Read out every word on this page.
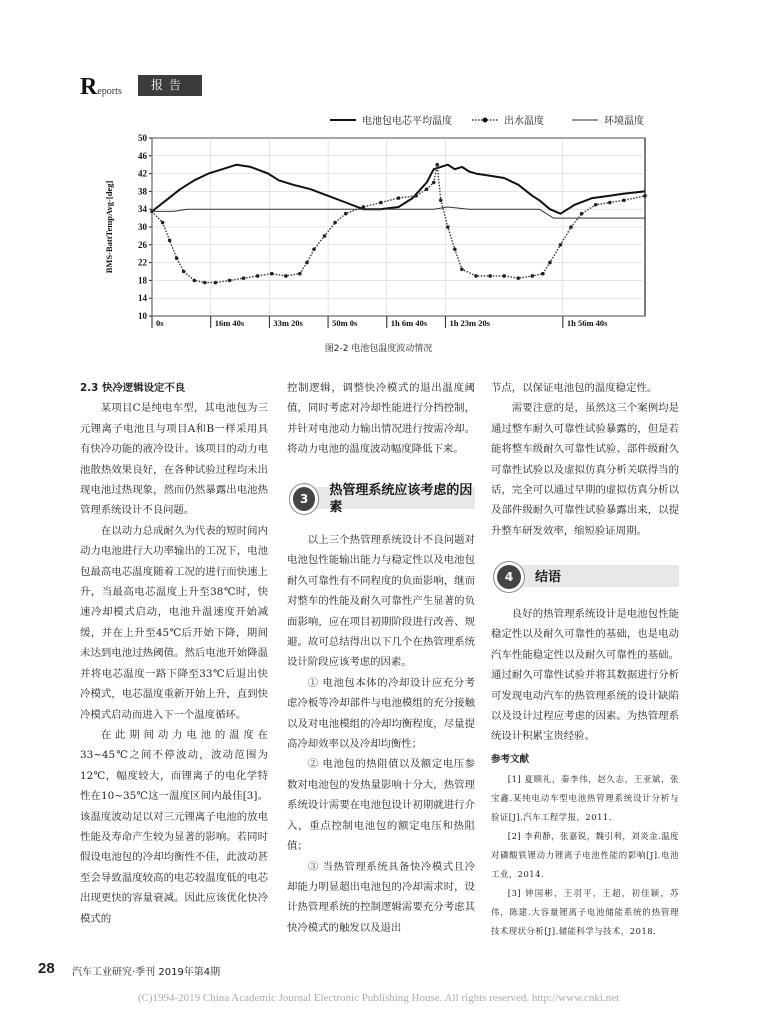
Reports	报告
10
14
18
22
26
30
34
38
42
46
50
0s	16m 40s	33m 20s	50m 0s	1h 6m 40s	1h 23m 20s	1h 56m 40s
BMS-BattTempAvg-[deg]
电池包电芯平均温度	出水温度	环境温度
图2-2 电池包温度波动情况
2.3 快冷逻辑设定不良

某项目C是纯电车型，其电池包为三元锂离子电池且与项目A和B一样采用具有快冷功能的液冷设计。该项目的动力电池散热效果良好，在各种试验过程均未出现电池过热现象，然而仍然暴露出电池热管理系统设计不良问题。

在以动力总成耐久为代表的短时间内动力电池进行大功率输出的工况下，电池包最高电芯温度随着工况的进行而快速上升，当最高电芯温度上升至38℃时，快速冷却模式启动，电池升温速度开始减缓，并在上升至45℃后开始下降，期间未达到电池过热阈值。然后电池开始降温并将电芯温度一路下降至33℃后退出快冷模式，电芯温度重新开始上升，直到快冷模式启动而进入下一个温度循环。

在此期间动力电池的温度在33~45℃之间不停波动，波动范围为12℃，幅度较大，而锂离子的电化学特性在10~35℃这一温度区间内最佳[3]。该温度波动足以对三元锂离子电池的放电性能及寿命产生较为显著的影响。若同时假设电池包的冷却均衡性不佳，此波动甚至会导致温度较高的电芯较温度低的电芯出现更快的容量衰减。因此应该优化快冷模式的

控制逻辑，调整快冷模式的退出温度阈值，同时考虑对冷却性能进行分挡控制，并针对电池动力输出情况进行按需冷却。将动力电池的温度波动幅度降低下来。

3
热管理系统应该考虑的因素

以上三个热管理系统设计不良问题对电池包性能输出能力与稳定性以及电池包耐久可靠性有不同程度的负面影响，继而对整车的性能及耐久可靠性产生显著的负面影响，应在项目初期阶段进行改善、规避。故可总结得出以下几个在热管理系统设计阶段应该考虑的因素。

① 电池包本体的冷却设计应充分考虑冷板等冷却部件与电池模组的充分接触以及对电池模组的冷却均衡程度，尽量提高冷却效率以及冷却均衡性；

② 电池包的热阻值以及额定电压参数对电池包的发热量影响十分大，热管理系统设计需要在电池包设计初期就进行介入，重点控制电池包的额定电压和热阻值；

③ 当热管理系统具备快冷模式且冷却能力明显超出电池包的冷却需求时，设计热管理系统的控制逻辑需要充分考虑其快冷模式的触发以及退出

节点，以保证电池包的温度稳定性。

需要注意的是，虽然这三个案例均是通过整车耐久可靠性试验暴露的，但是若能将整车级耐久可靠性试验、部件级耐久可靠性试验以及虚拟仿真分析关联得当的话，完全可以通过早期的虚拟仿真分析以及部件级耐久可靠性试验暴露出来，以提升整车研发效率，缩短验证周期。

4	结语

良好的热管理系统设计是电池包性能稳定性以及耐久可靠性的基础，也是电动汽车性能稳定性以及耐久可靠性的基础。通过耐久可靠性试验并将其数据进行分析可发现电动汽车的热管理系统的设计缺陷以及设计过程应考虑的因素。为热管理系统设计积累宝贵经验。

参考文献

[1] 夏顺礼，秦李伟，赵久志，王亚斌，张宝鑫.某纯电动车型电池热管理系统设计分析与验证[J].汽车工程学报，2011.

[2] 李莉静，张嘉锐，魏引利，刘炎金.温度对磷酸铁锂动力锂离子电池性能的影响[J].电池工业，2014.

[3] 钟国彬，王羽平，王超，初佳颖，苏伟，陈建.大容量锂离子电池储能系统的热管理技术现状分析[J].储能科学与技术，2018.

28 汽车工业研究·季刊 2019年第4期
(C)1994-2019 China Academic Journal Electronic Publishing House. All rights reserved. http://www.cnki.net
